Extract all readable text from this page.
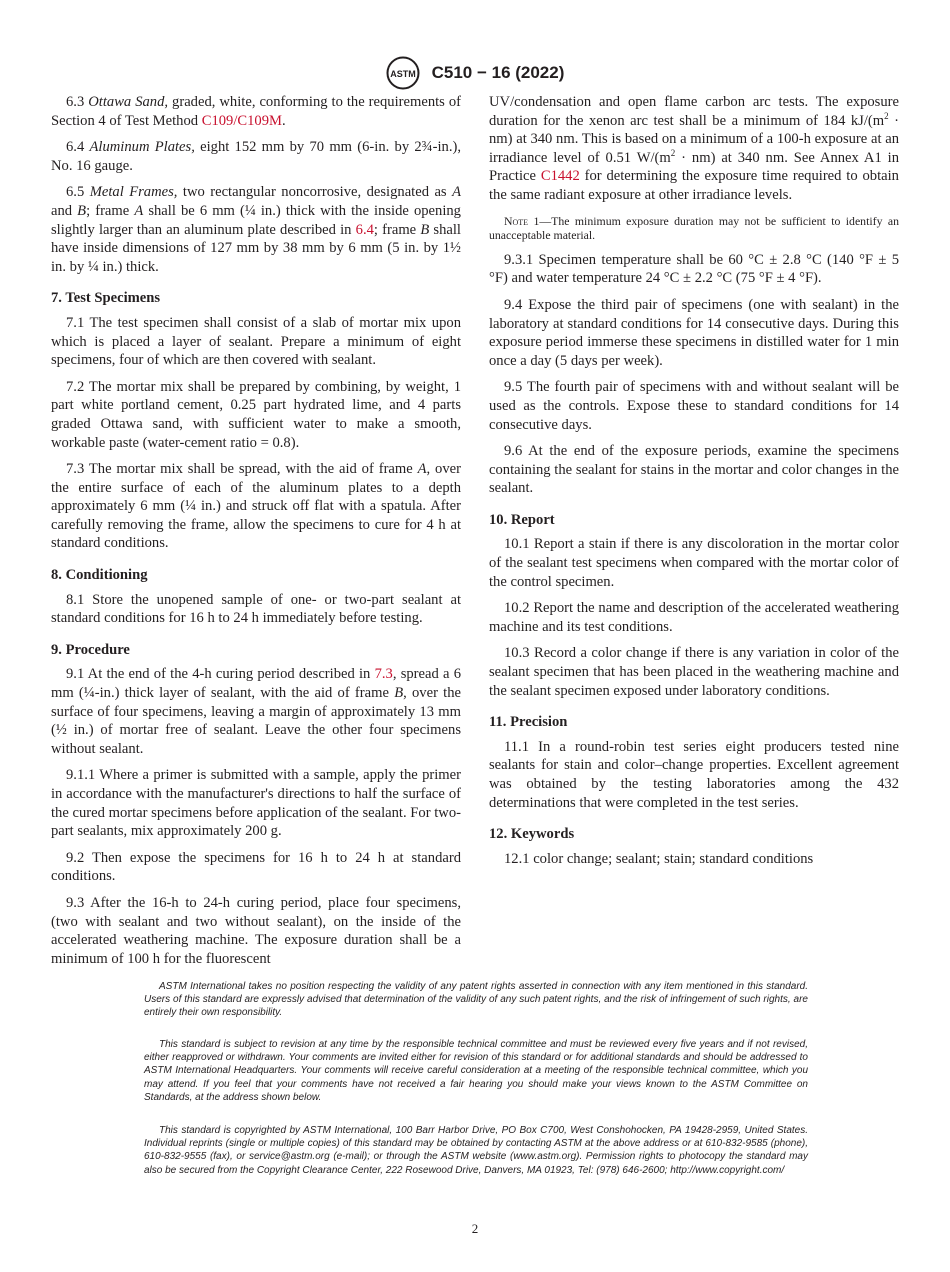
ASTM C510 − 16 (2022)

6.3 Ottawa Sand, graded, white, conforming to the requirements of Section 4 of Test Method C109/C109M.

6.4 Aluminum Plates, eight 152 mm by 70 mm (6-in. by 2¾-in.), No. 16 gauge.

6.5 Metal Frames, two rectangular noncorrosive, designated as A and B; frame A shall be 6 mm (¼ in.) thick with the inside opening slightly larger than an aluminum plate described in 6.4; frame B shall have inside dimensions of 127 mm by 38 mm by 6 mm (5 in. by 1½ in. by ¼ in.) thick.

7. Test Specimens

7.1 The test specimen shall consist of a slab of mortar mix upon which is placed a layer of sealant. Prepare a minimum of eight specimens, four of which are then covered with sealant.

7.2 The mortar mix shall be prepared by combining, by weight, 1 part white portland cement, 0.25 part hydrated lime, and 4 parts graded Ottawa sand, with sufficient water to make a smooth, workable paste (water-cement ratio = 0.8).

7.3 The mortar mix shall be spread, with the aid of frame A, over the entire surface of each of the aluminum plates to a depth approximately 6 mm (¼ in.) and struck off flat with a spatula. After carefully removing the frame, allow the specimens to cure for 4 h at standard conditions.

8. Conditioning

8.1 Store the unopened sample of one- or two-part sealant at standard conditions for 16 h to 24 h immediately before testing.

9. Procedure

9.1 At the end of the 4-h curing period described in 7.3, spread a 6 mm (¼-in.) thick layer of sealant, with the aid of frame B, over the surface of four specimens, leaving a margin of approximately 13 mm (½ in.) of mortar free of sealant. Leave the other four specimens without sealant.

9.1.1 Where a primer is submitted with a sample, apply the primer in accordance with the manufacturer's directions to half the surface of the cured mortar specimens before application of the sealant. For two-part sealants, mix approximately 200 g.

9.2 Then expose the specimens for 16 h to 24 h at standard conditions.

9.3 After the 16-h to 24-h curing period, place four specimens, (two with sealant and two without sealant), on the inside of the accelerated weathering machine. The exposure duration shall be a minimum of 100 h for the fluorescent

UV/condensation and open flame carbon arc tests. The exposure duration for the xenon arc test shall be a minimum of 184 $kJ/(m^2 \cdot nm)$ at 340 nm. This is based on a minimum of a 100-h exposure at an irradiance level of 0.51 $W/(m^2 \cdot nm)$ at 340 nm. See Annex A1 in Practice C1442 for determining the exposure time required to obtain the same radiant exposure at other irradiance levels.

Note 1—The minimum exposure duration may not be sufficient to identify an unacceptable material.

9.3.1 Specimen temperature shall be 60 °C ± 2.8 °C (140 °F ± 5 °F) and water temperature 24 °C ± 2.2 °C (75 °F ± 4 °F).

9.4 Expose the third pair of specimens (one with sealant) in the laboratory at standard conditions for 14 consecutive days. During this exposure period immerse these specimens in distilled water for 1 min once a day (5 days per week).

9.5 The fourth pair of specimens with and without sealant will be used as the controls. Expose these to standard conditions for 14 consecutive days.

9.6 At the end of the exposure periods, examine the specimens containing the sealant for stains in the mortar and color changes in the sealant.

10. Report

10.1 Report a stain if there is any discoloration in the mortar color of the sealant test specimens when compared with the mortar color of the control specimen.

10.2 Report the name and description of the accelerated weathering machine and its test conditions.

10.3 Record a color change if there is any variation in color of the sealant specimen that has been placed in the weathering machine and the sealant specimen exposed under laboratory conditions.

11. Precision

11.1 In a round-robin test series eight producers tested nine sealants for stain and color–change properties. Excellent agreement was obtained by the testing laboratories among the 432 determinations that were completed in the test series.

12. Keywords

12.1 color change; sealant; stain; standard conditions

ASTM International takes no position respecting the validity of any patent rights asserted in connection with any item mentioned in this standard. Users of this standard are expressly advised that determination of the validity of any such patent rights, and the risk of infringement of such rights, are entirely their own responsibility.

This standard is subject to revision at any time by the responsible technical committee and must be reviewed every five years and if not revised, either reapproved or withdrawn. Your comments are invited either for revision of this standard or for additional standards and should be addressed to ASTM International Headquarters. Your comments will receive careful consideration at a meeting of the responsible technical committee, which you may attend. If you feel that your comments have not received a fair hearing you should make your views known to the ASTM Committee on Standards, at the address shown below.

This standard is copyrighted by ASTM International, 100 Barr Harbor Drive, PO Box C700, West Conshohocken, PA 19428-2959, United States. Individual reprints (single or multiple copies) of this standard may be obtained by contacting ASTM at the above address or at 610-832-9585 (phone), 610-832-9555 (fax), or service@astm.org (e-mail); or through the ASTM website (www.astm.org). Permission rights to photocopy the standard may also be secured from the Copyright Clearance Center, 222 Rosewood Drive, Danvers, MA 01923, Tel: (978) 646-2600; http://www.copyright.com/

2
